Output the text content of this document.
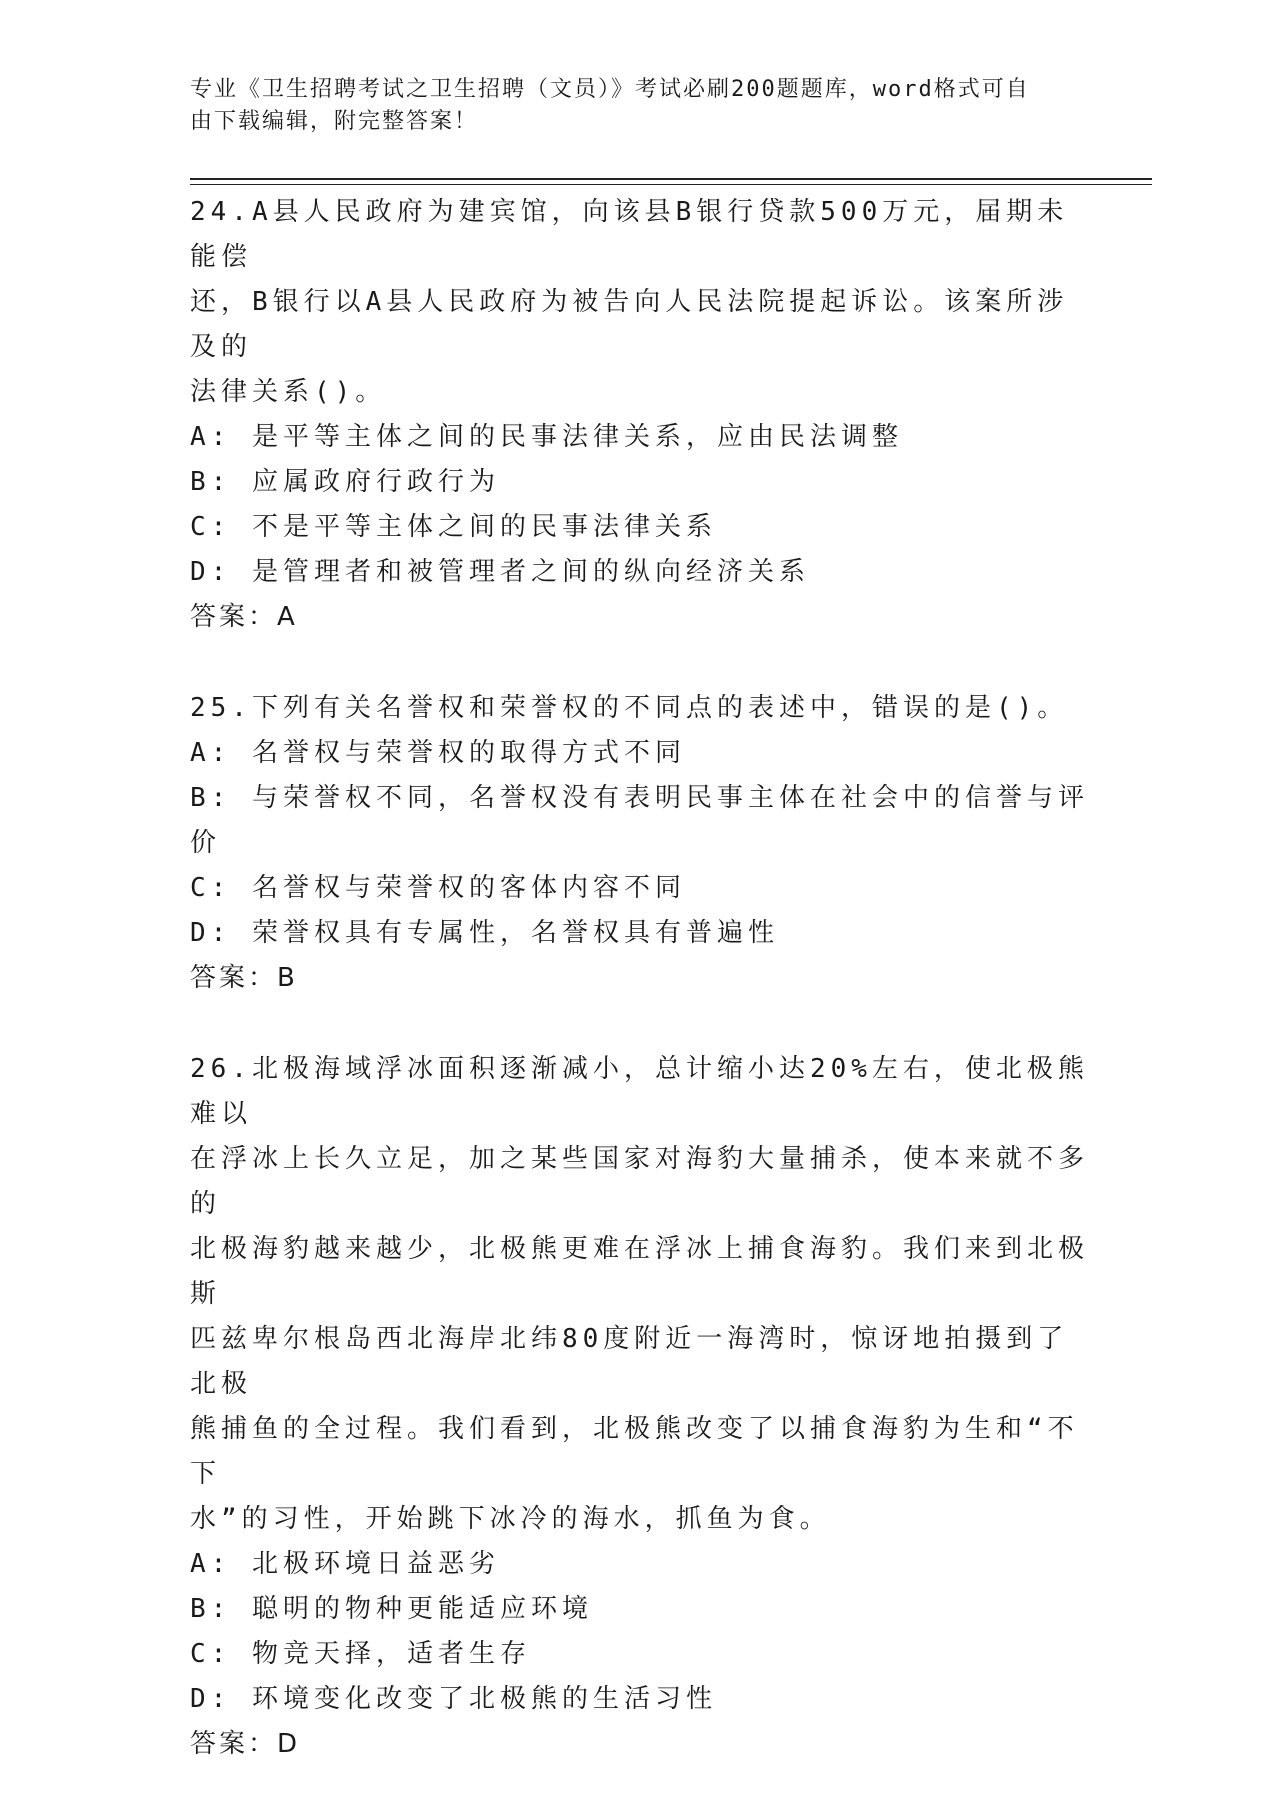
专业《卫生招聘考试之卫生招聘（文员）》考试必刷200题题库，word格式可自
由下载编辑，附完整答案！

24.A县人民政府为建宾馆，向该县B银行贷款500万元，届期未能偿

还，B银行以A县人民政府为被告向人民法院提起诉讼。该案所涉及的

法律关系()。

A: 是平等主体之间的民事法律关系，应由民法调整

B: 应属政府行政行为

C: 不是平等主体之间的民事法律关系

D: 是管理者和被管理者之间的纵向经济关系

答案：A

25.下列有关名誉权和荣誉权的不同点的表述中，错误的是()。

A: 名誉权与荣誉权的取得方式不同

B: 与荣誉权不同，名誉权没有表明民事主体在社会中的信誉与评价

C: 名誉权与荣誉权的客体内容不同

D: 荣誉权具有专属性，名誉权具有普遍性

答案：B

26.北极海域浮冰面积逐渐减小，总计缩小达20%左右，使北极熊难以

在浮冰上长久立足，加之某些国家对海豹大量捕杀，使本来就不多的

北极海豹越来越少，北极熊更难在浮冰上捕食海豹。我们来到北极斯

匹兹卑尔根岛西北海岸北纬80度附近一海湾时，惊讶地拍摄到了北极

熊捕鱼的全过程。我们看到，北极熊改变了以捕食海豹为生和“不下

水”的习性，开始跳下冰冷的海水，抓鱼为食。

A: 北极环境日益恶劣

B: 聪明的物种更能适应环境

C: 物竞天择，适者生存

D: 环境变化改变了北极熊的生活习性

答案：D
